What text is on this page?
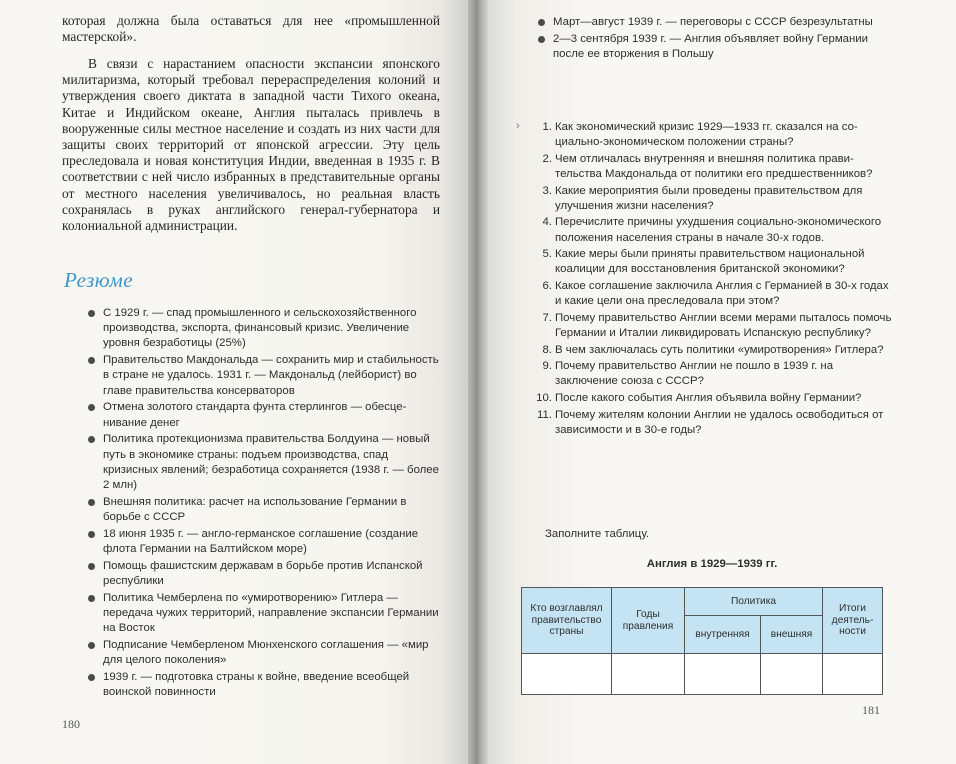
которая должна была оставаться для нее «промышленной мастерской».

В связи с нарастанием опасности экспансии японского милитаризма, который требовал перераспределения колоний и утверждения своего диктата в западной части Тихого океана, Китае и Индийском океане, Англия пыталась привлечь в вооруженные силы местное население и создать из них части для защиты своих территорий от японской агрессии. Эту цель преследовала и новая конституция Индии, введенная в 1935 г. В соответствии с ней число избранных в представительные органы от местного населения увеличивалось, но реальная власть сохранялась в руках английского генерал-губернатора и колониальной администрации.

Резюме
С 1929 г. — спад промышленного и сельскохозяйственного производства, экспорта, финансовый кризис. Увеличение уровня безработицы (25%)
Правительство Макдональда — сохранить мир и стабильность в стране не удалось. 1931 г. — Макдональд (лейборист) во главе правительства консерваторов
Отмена золотого стандарта фунта стерлингов — обесценивание денег
Политика протекционизма правительства Болдуина — новый путь в экономике страны: подъем производства, спад кризисных явлений; безработица сохраняется (1938 г. — более 2 млн)
Внешняя политика: расчет на использование Германии в борьбе с СССР
18 июня 1935 г. — англо-германское соглашение (создание флота Германии на Балтийском море)
Помощь фашистским державам в борьбе против Испанской республики
Политика Чемберлена по «умиротворению» Гитлера — передача чужих территорий, направление экспансии Германии на Восток
Подписание Чемберленом Мюнхенского соглашения — «мир для целого поколения»
1939 г. — подготовка страны к войне, введение всеобщей воинской повинности
180
Март—август 1939 г. — переговоры с СССР безрезультатны
2—3 сентября 1939 г. — Англия объявляет войну Германии после ее вторжения в Польшу
›	1. Как экономический кризис 1929—1933 гг. сказался на социально-экономическом положении страны?
2. Чем отличалась внутренняя и внешняя политика правительства Макдональда от политики его предшественников?
3. Какие мероприятия были проведены правительством для улучшения жизни населения?
4. Перечислите причины ухудшения социально-экономического положения населения страны в начале 30-х годов.
5. Какие меры были приняты правительством национальной коалиции для восстановления британской экономики?
6. Какое соглашение заключила Англия с Германией в 30-х годах и какие цели она преследовала при этом?
7. Почему правительство Англии всеми мерами пыталось помочь Германии и Италии ликвидировать Испанскую республику?
8. В чем заключалась суть политики «умиротворения» Гитлера?
9. Почему правительство Англии не пошло в 1939 г. на заключение союза с СССР?
10. После какого события Англия объявила войну Германии?
11. Почему жителям колонии Англии не удалось освободиться от зависимости и в 30-е годы?
Заполните таблицу.
Англия в 1929—1939 гг.
Кто возглавлял правительство страны	Годы правления	Политика		Итоги деятельности
		внутренняя	внешняя	

181
